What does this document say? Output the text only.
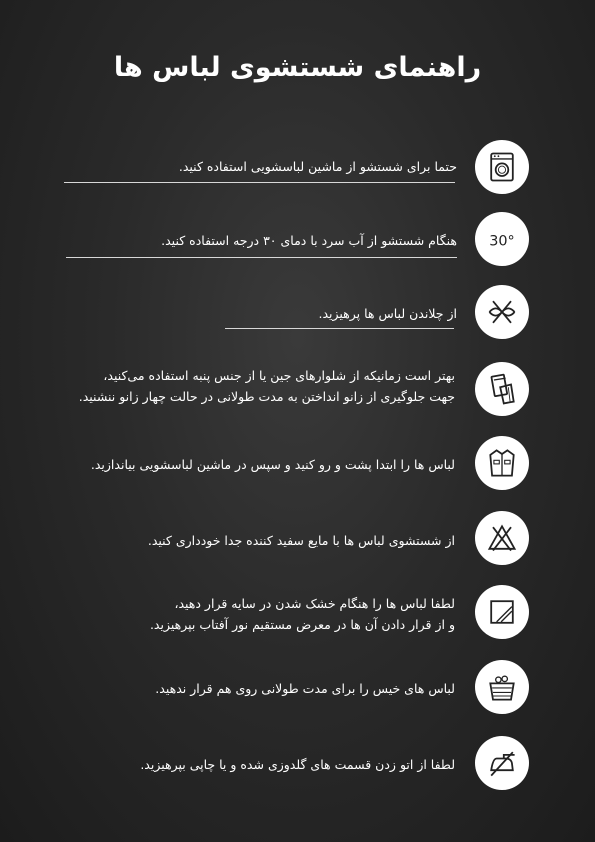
راهنمای شستشوی لباس ها
حتما برای شستشو از ماشین لباسشویی استفاده کنید.
30°
هنگام شستشو از آب سرد با دمای ۳۰ درجه استفاده کنید.
از چلاندن لباس ها پرهیزید.
بهتر است زمانیکه از شلوارهای جین یا از جنس پنبه استفاده می‌کنید،
جهت جلوگیری از زانو انداختن به مدت طولانی در حالت چهار زانو ننشنید.
لباس ها را ابتدا پشت و رو کنید و سپس در ماشین لباسشویی بیاندازید.
از شستشوی لباس ها با مایع سفید کننده جدا خودداری کنید.
لطفا لباس ها را هنگام خشک شدن در سایه قرار دهید،
و از قرار دادن آن ها در معرض مستقیم نور آفتاب بپرهیزید.
لباس های خیس را برای مدت طولانی روی هم قرار ندهید.
لطفا از اتو زدن قسمت های گلدوزی شده و یا چاپی بپرهیزید.
